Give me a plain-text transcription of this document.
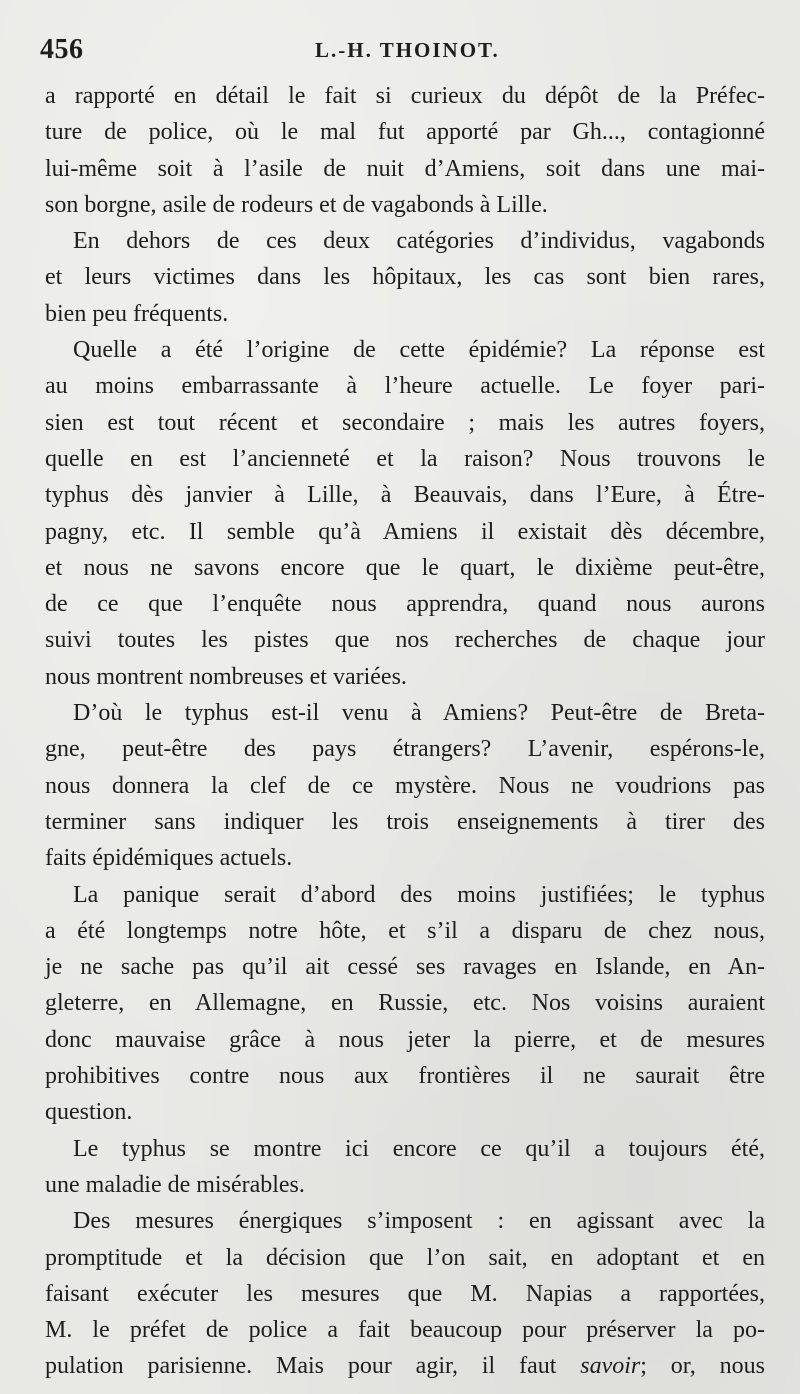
456	L.-H. THOINOT.
a rapporté en détail le fait si curieux du dépôt de la Préfec-
ture de police, où le mal fut apporté par Gh..., contagionné
lui-même soit à l’asile de nuit d’Amiens, soit dans une mai-
son borgne, asile de rodeurs et de vagabonds à Lille.
En dehors de ces deux catégories d’individus, vagabonds
et leurs victimes dans les hôpitaux, les cas sont bien rares,
bien peu fréquents.
Quelle a été l’origine de cette épidémie? La réponse est
au moins embarrassante à l’heure actuelle. Le foyer pari-
sien est tout récent et secondaire ; mais les autres foyers,
quelle en est l’ancienneté et la raison? Nous trouvons le
typhus dès janvier à Lille, à Beauvais, dans l’Eure, à Étre-
pagny, etc. Il semble qu’à Amiens il existait dès décembre,
et nous ne savons encore que le quart, le dixième peut-être,
de ce que l’enquête nous apprendra, quand nous aurons
suivi toutes les pistes que nos recherches de chaque jour
nous montrent nombreuses et variées.
D’où le typhus est-il venu à Amiens? Peut-être de Breta-
gne, peut-être des pays étrangers? L’avenir, espérons-le,
nous donnera la clef de ce mystère. Nous ne voudrions pas
terminer sans indiquer les trois enseignements à tirer des
faits épidémiques actuels.
La panique serait d’abord des moins justifiées; le typhus
a été longtemps notre hôte, et s’il a disparu de chez nous,
je ne sache pas qu’il ait cessé ses ravages en Islande, en An-
gleterre, en Allemagne, en Russie, etc. Nos voisins auraient
donc mauvaise grâce à nous jeter la pierre, et de mesures
prohibitives contre nous aux frontières il ne saurait être
question.
Le typhus se montre ici encore ce qu’il a toujours été,
une maladie de misérables.
Des mesures énergiques s’imposent : en agissant avec la
promptitude et la décision que l’on sait, en adoptant et en
faisant exécuter les mesures que M. Napias a rapportées,
M. le préfet de police a fait beaucoup pour préserver la po-
pulation parisienne. Mais pour agir, il faut savoir; or, nous
